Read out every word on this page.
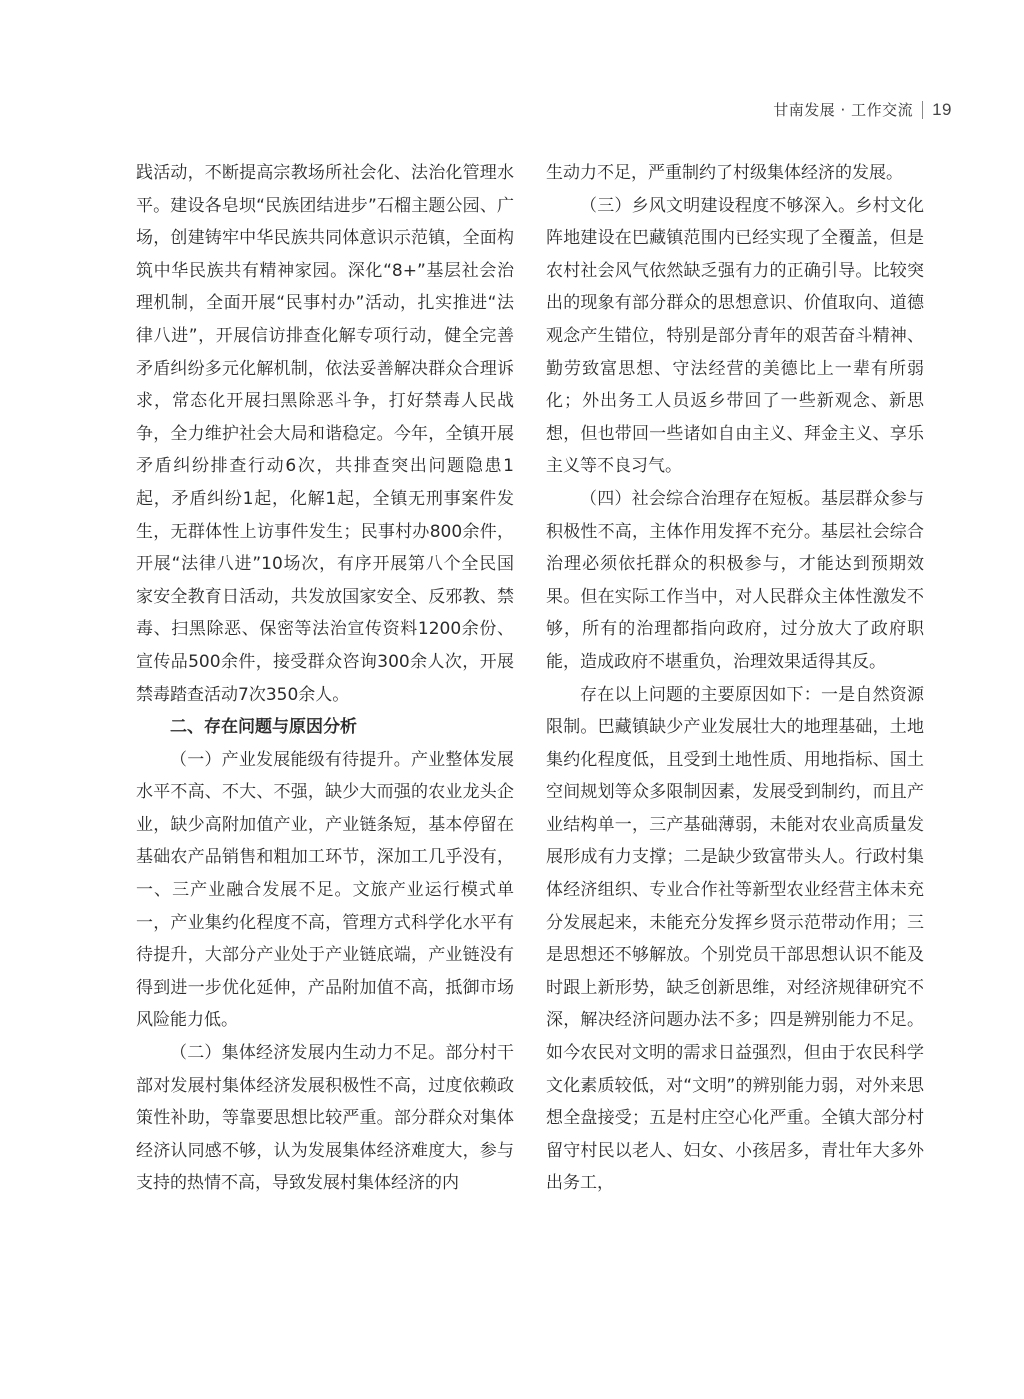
甘南发展 · 工作交流 19

践活动，不断提高宗教场所社会化、法治化管理水平。建设各皂坝“民族团结进步”石榴主题公园、广场，创建铸牢中华民族共同体意识示范镇，全面构筑中华民族共有精神家园。深化“8+”基层社会治理机制，全面开展“民事村办”活动，扎实推进“法律八进”，开展信访排查化解专项行动，健全完善矛盾纠纷多元化解机制，依法妥善解决群众合理诉求，常态化开展扫黑除恶斗争，打好禁毒人民战争，全力维护社会大局和谐稳定。今年，全镇开展矛盾纠纷排查行动6次，共排查突出问题隐患1起，矛盾纠纷1起，化解1起，全镇无刑事案件发生，无群体性上访事件发生；民事村办800余件，开展“法律八进”10场次，有序开展第八个全民国家安全教育日活动，共发放国家安全、反邪教、禁毒、扫黑除恶、保密等法治宣传资料1200余份、宣传品500余件，接受群众咨询300余人次，开展禁毒踏查活动7次350余人。

二、存在问题与原因分析

（一）产业发展能级有待提升。产业整体发展水平不高、不大、不强，缺少大而强的农业龙头企业，缺少高附加值产业，产业链条短，基本停留在基础农产品销售和粗加工环节，深加工几乎没有，一、三产业融合发展不足。文旅产业运行模式单一，产业集约化程度不高，管理方式科学化水平有待提升，大部分产业处于产业链底端，产业链没有得到进一步优化延伸，产品附加值不高，抵御市场风险能力低。

（二）集体经济发展内生动力不足。部分村干部对发展村集体经济发展积极性不高，过度依赖政策性补助，等靠要思想比较严重。部分群众对集体经济认同感不够，认为发展集体经济难度大，参与支持的热情不高，导致发展村集体经济的内

生动力不足，严重制约了村级集体经济的发展。

（三）乡风文明建设程度不够深入。乡村文化阵地建设在巴藏镇范围内已经实现了全覆盖，但是农村社会风气依然缺乏强有力的正确引导。比较突出的现象有部分群众的思想意识、价值取向、道德观念产生错位，特别是部分青年的艰苦奋斗精神、勤劳致富思想、守法经营的美德比上一辈有所弱化；外出务工人员返乡带回了一些新观念、新思想，但也带回一些诸如自由主义、拜金主义、享乐主义等不良习气。

（四）社会综合治理存在短板。基层群众参与积极性不高，主体作用发挥不充分。基层社会综合治理必须依托群众的积极参与，才能达到预期效果。但在实际工作当中，对人民群众主体性激发不够，所有的治理都指向政府，过分放大了政府职能，造成政府不堪重负，治理效果适得其反。

存在以上问题的主要原因如下：一是自然资源限制。巴藏镇缺少产业发展壮大的地理基础，土地集约化程度低，且受到土地性质、用地指标、国土空间规划等众多限制因素，发展受到制约，而且产业结构单一，三产基础薄弱，未能对农业高质量发展形成有力支撑；二是缺少致富带头人。行政村集体经济组织、专业合作社等新型农业经营主体未充分发展起来，未能充分发挥乡贤示范带动作用；三是思想还不够解放。个别党员干部思想认识不能及时跟上新形势，缺乏创新思维，对经济规律研究不深，解决经济问题办法不多；四是辨别能力不足。如今农民对文明的需求日益强烈，但由于农民科学文化素质较低，对“文明”的辨别能力弱，对外来思想全盘接受；五是村庄空心化严重。全镇大部分村留守村民以老人、妇女、小孩居多，青壮年大多外出务工，
